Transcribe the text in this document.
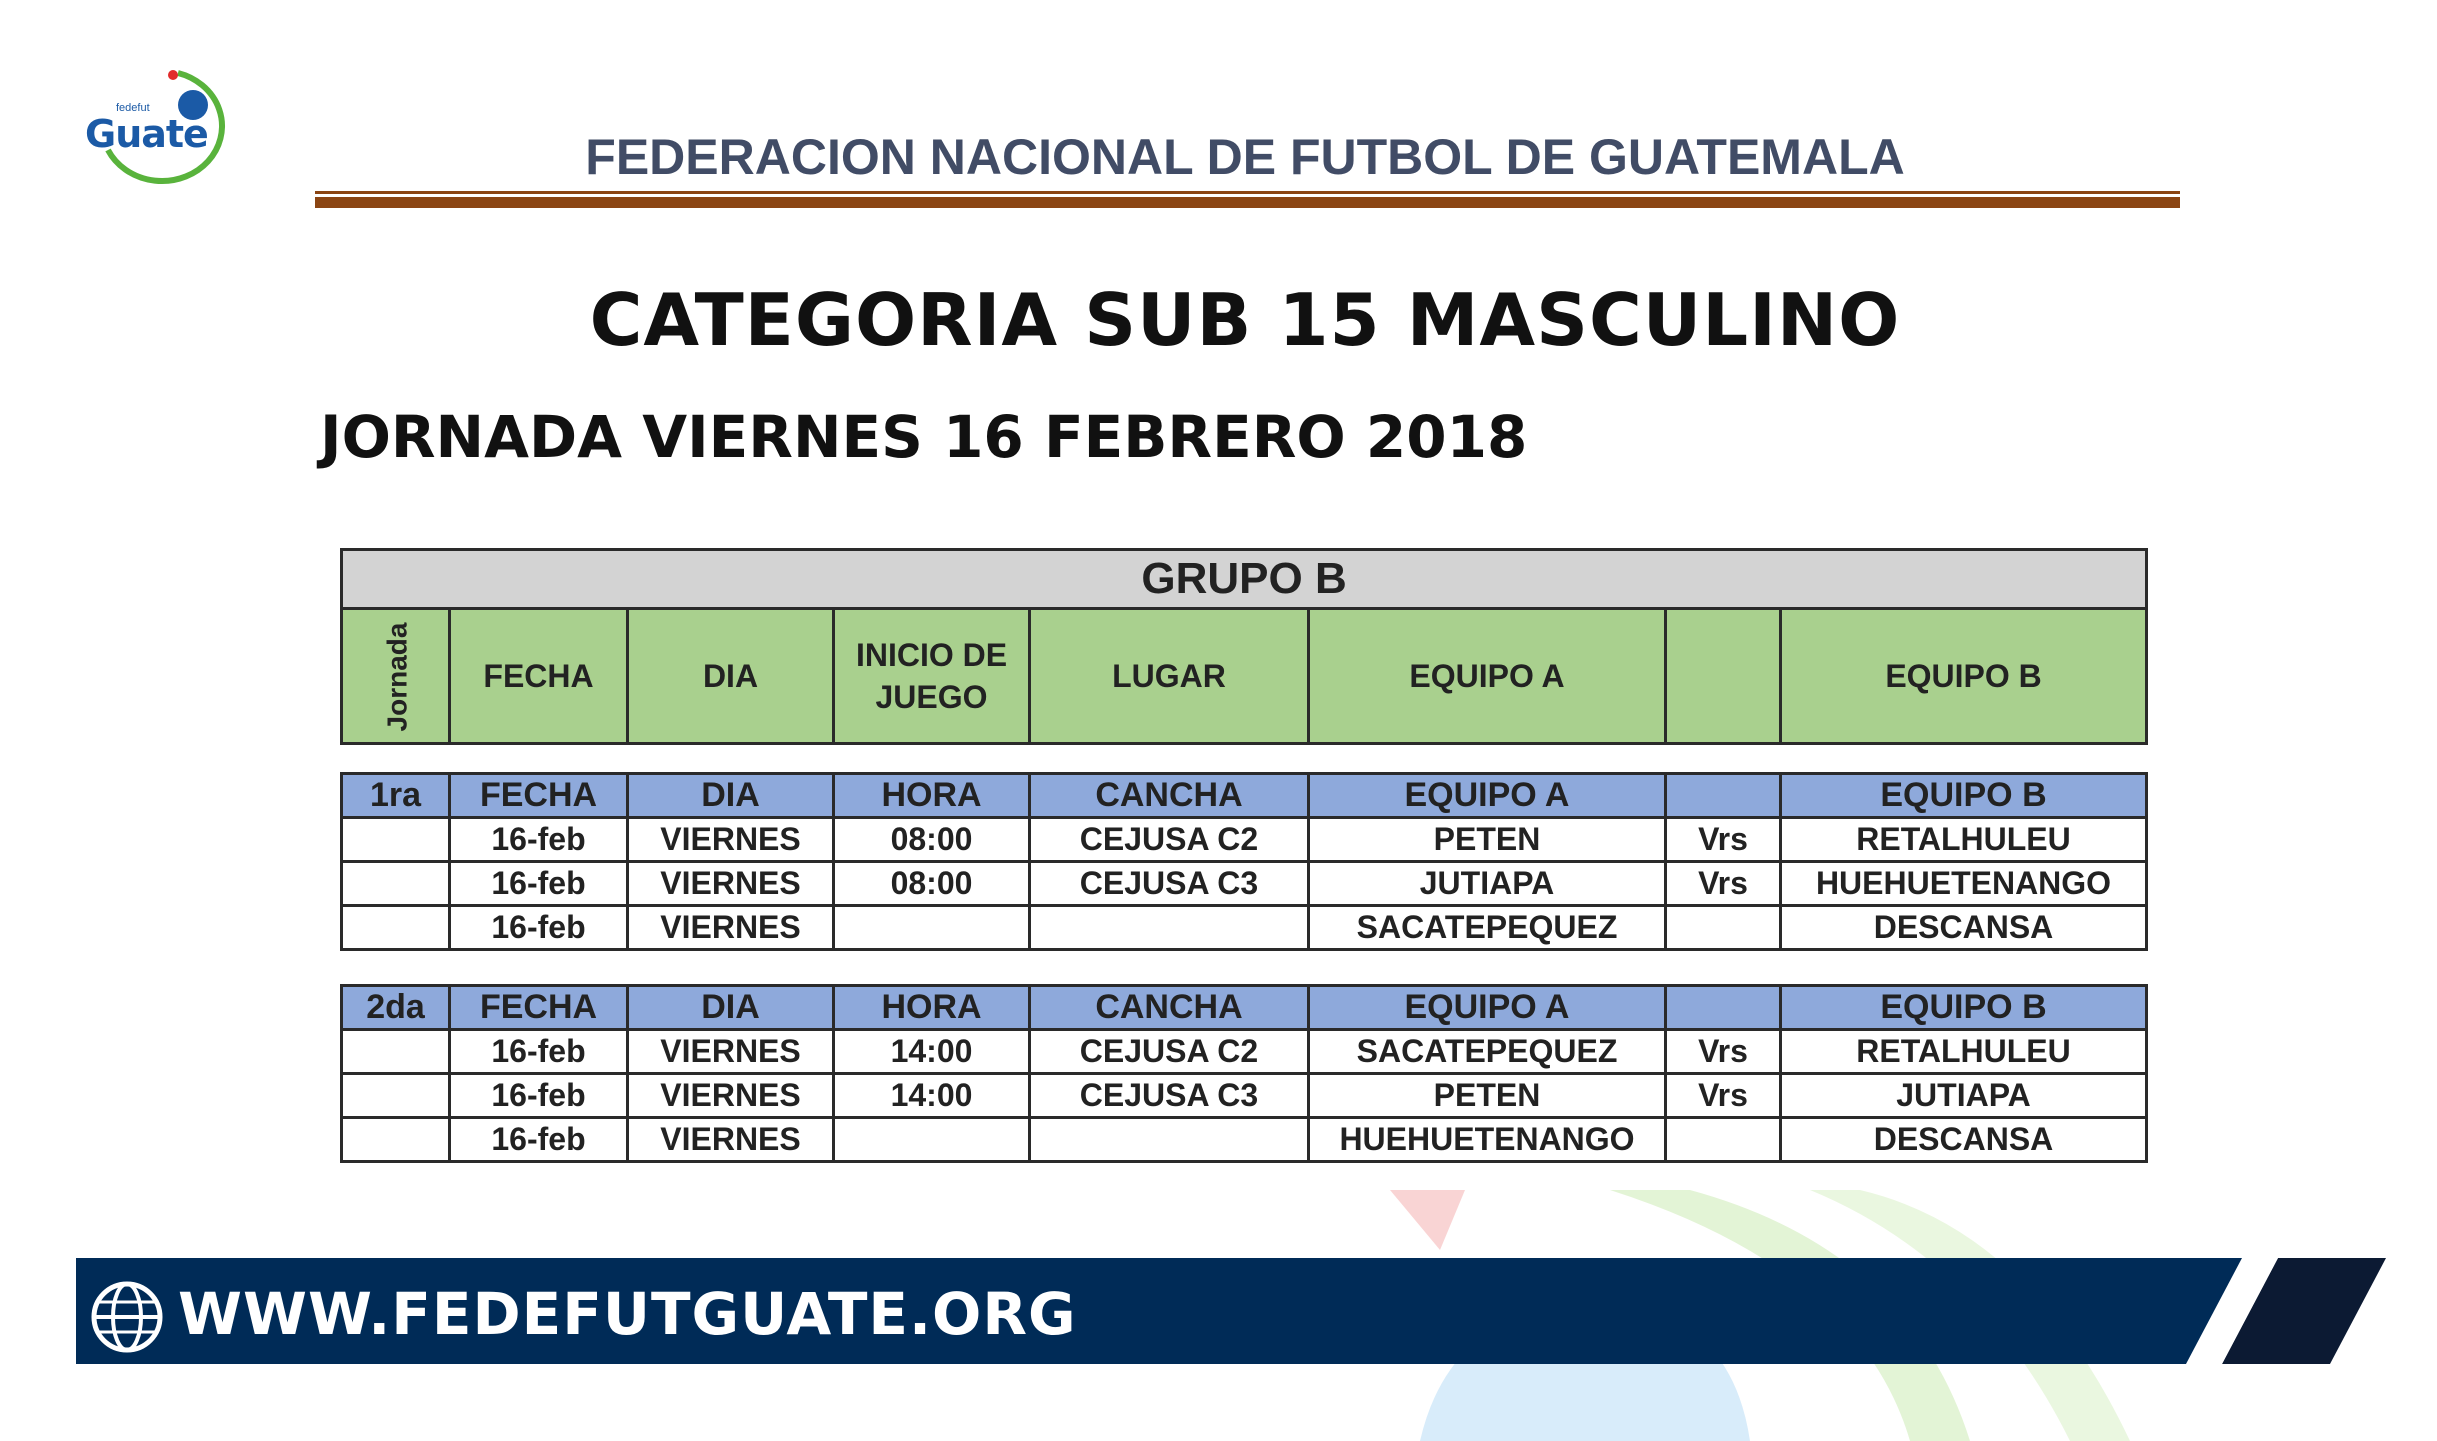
fedefut
Guate	FEDERACION NACIONAL DE FUTBOL DE GUATEMALA
CATEGORIA SUB 15 MASCULINO
JORNADA VIERNES 16 FEBRERO 2018
GRUPO B
Jornada	FECHA	DIA	INICIO DE JUEGO	LUGAR	EQUIPO A		EQUIPO B
1ra	FECHA	DIA	HORA	CANCHA	EQUIPO A		EQUIPO B
	16-feb	VIERNES	08:00	CEJUSA C2	PETEN	Vrs	RETALHULEU
	16-feb	VIERNES	08:00	CEJUSA C3	JUTIAPA	Vrs	HUEHUETENANGO
	16-feb	VIERNES			SACATEPEQUEZ		DESCANSA
2da	FECHA	DIA	HORA	CANCHA	EQUIPO A		EQUIPO B
	16-feb	VIERNES	14:00	CEJUSA C2	SACATEPEQUEZ	Vrs	RETALHULEU
	16-feb	VIERNES	14:00	CEJUSA C3	PETEN	Vrs	JUTIAPA
	16-feb	VIERNES			HUEHUETENANGO		DESCANSA
WWW.FEDEFUTGUATE.ORG
